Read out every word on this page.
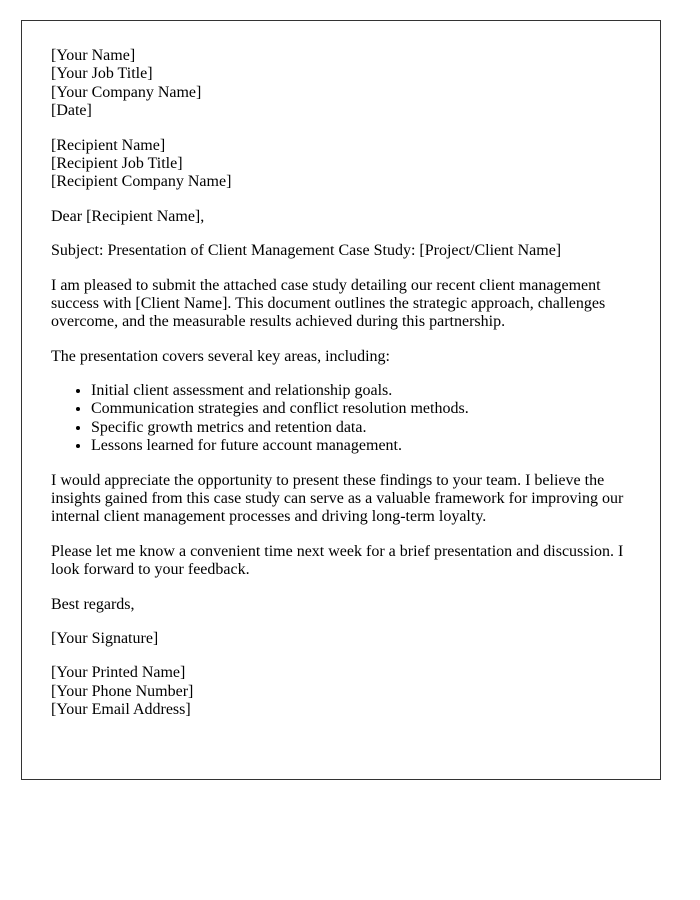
[Your Name]
[Your Job Title]
[Your Company Name]
[Date]
[Recipient Name]
[Recipient Job Title]
[Recipient Company Name]
Dear [Recipient Name],
Subject: Presentation of Client Management Case Study: [Project/Client Name]
I am pleased to submit the attached case study detailing our recent client management success with [Client Name]. This document outlines the strategic approach, challenges overcome, and the measurable results achieved during this partnership.
The presentation covers several key areas, including:
• Initial client assessment and relationship goals.
• Communication strategies and conflict resolution methods.
• Specific growth metrics and retention data.
• Lessons learned for future account management.
I would appreciate the opportunity to present these findings to your team. I believe the insights gained from this case study can serve as a valuable framework for improving our internal client management processes and driving long-term loyalty.
Please let me know a convenient time next week for a brief presentation and discussion. I look forward to your feedback.
Best regards,
[Your Signature]
[Your Printed Name]
[Your Phone Number]
[Your Email Address]
